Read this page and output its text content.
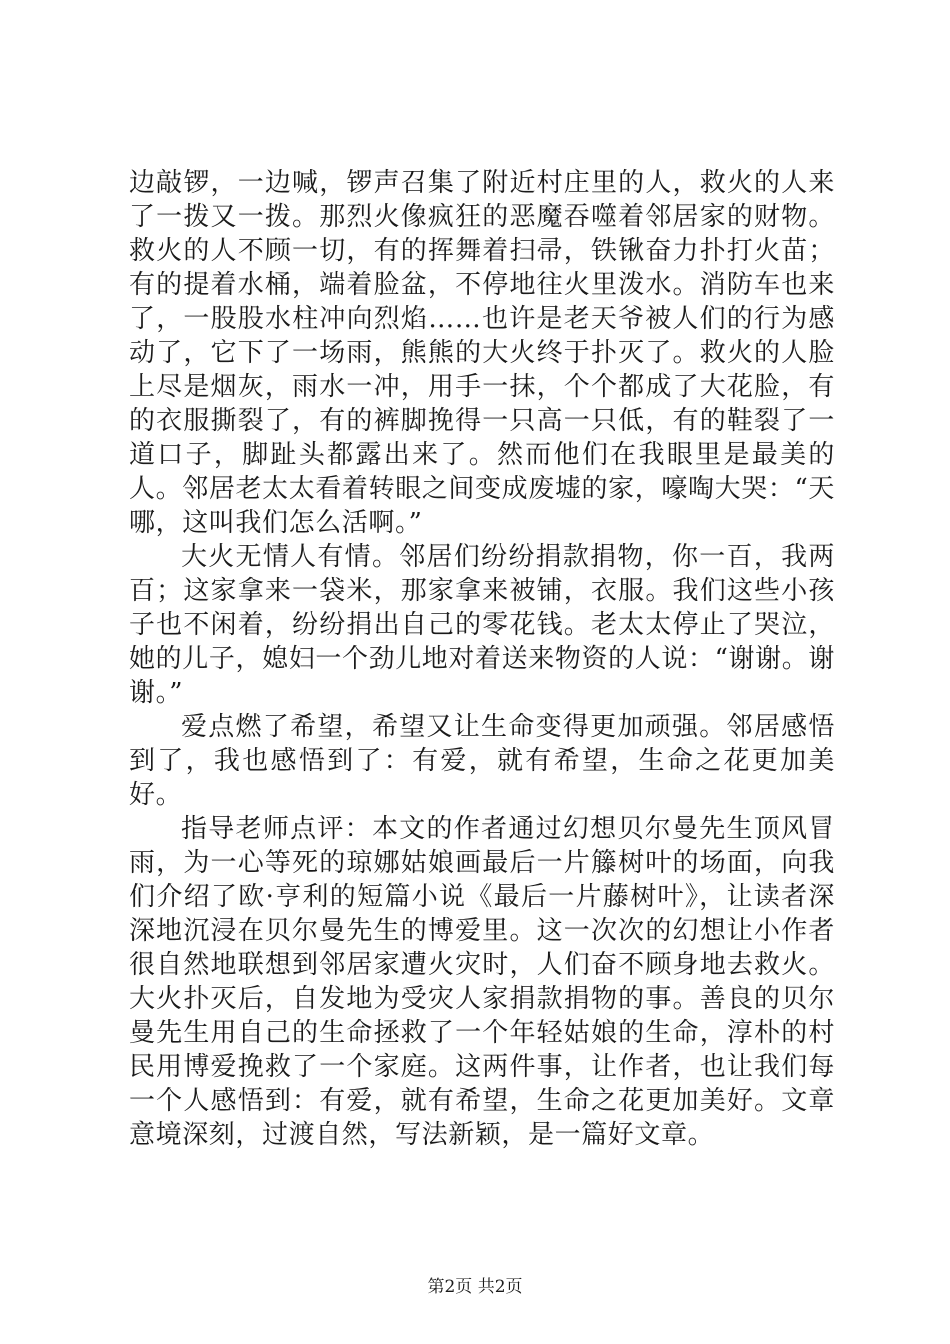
边敲锣，一边喊，锣声召集了附近村庄里的人，救火的人来了一拨又一拨。那烈火像疯狂的恶魔吞噬着邻居家的财物。救火的人不顾一切，有的挥舞着扫帚，铁锹奋力扑打火苗；有的提着水桶，端着脸盆，不停地往火里泼水。消防车也来了，一股股水柱冲向烈焰……也许是老天爷被人们的行为感动了，它下了一场雨，熊熊的大火终于扑灭了。救火的人脸上尽是烟灰，雨水一冲，用手一抹，个个都成了大花脸，有的衣服撕裂了，有的裤脚挽得一只高一只低，有的鞋裂了一道口子，脚趾头都露出来了。然而他们在我眼里是最美的人。邻居老太太看着转眼之间变成废墟的家，嚎啕大哭：“天哪，这叫我们怎么活啊。”

大火无情人有情。邻居们纷纷捐款捐物，你一百，我两百；这家拿来一袋米，那家拿来被铺，衣服。我们这些小孩子也不闲着，纷纷捐出自己的零花钱。老太太停止了哭泣，她的儿子，媳妇一个劲儿地对着送来物资的人说：“谢谢。谢谢。”

爱点燃了希望，希望又让生命变得更加顽强。邻居感悟到了，我也感悟到了：有爱，就有希望，生命之花更加美好。

指导老师点评：本文的作者通过幻想贝尔曼先生顶风冒雨，为一心等死的琼娜姑娘画最后一片籐树叶的场面，向我们介绍了欧·亨利的短篇小说《最后一片藤树叶》，让读者深深地沉浸在贝尔曼先生的博爱里。这一次次的幻想让小作者很自然地联想到邻居家遭火灾时，人们奋不顾身地去救火。大火扑灭后，自发地为受灾人家捐款捐物的事。善良的贝尔曼先生用自己的生命拯救了一个年轻姑娘的生命，淳朴的村民用博爱挽救了一个家庭。这两件事，让作者，也让我们每一个人感悟到：有爱，就有希望，生命之花更加美好。文章意境深刻，过渡自然，写法新颖，是一篇好文章。

第2页 共2页
